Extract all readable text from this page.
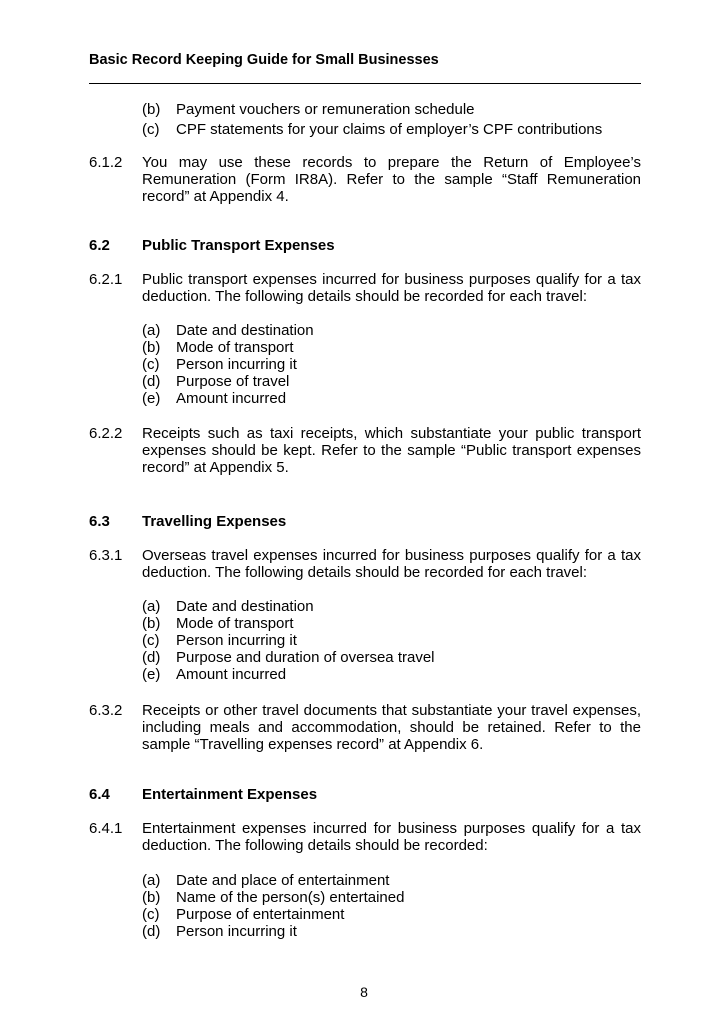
Basic Record Keeping Guide for Small Businesses
(b) Payment vouchers or remuneration schedule
(c) CPF statements for your claims of employer’s CPF contributions
6.1.2 You may use these records to prepare the Return of Employee’s Remuneration (Form IR8A). Refer to the sample “Staff Remuneration record” at Appendix 4.
6.2 Public Transport Expenses
6.2.1 Public transport expenses incurred for business purposes qualify for a tax deduction. The following details should be recorded for each travel:
(a) Date and destination
(b) Mode of transport
(c) Person incurring it
(d) Purpose of travel
(e) Amount incurred
6.2.2 Receipts such as taxi receipts, which substantiate your public transport expenses should be kept. Refer to the sample “Public transport expenses record” at Appendix 5.
6.3 Travelling Expenses
6.3.1 Overseas travel expenses incurred for business purposes qualify for a tax deduction. The following details should be recorded for each travel:
(a) Date and destination
(b) Mode of transport
(c) Person incurring it
(d) Purpose and duration of oversea travel
(e) Amount incurred
6.3.2 Receipts or other travel documents that substantiate your travel expenses, including meals and accommodation, should be retained. Refer to the sample “Travelling expenses record” at Appendix 6.
6.4 Entertainment Expenses
6.4.1 Entertainment expenses incurred for business purposes qualify for a tax deduction. The following details should be recorded:
(a) Date and place of entertainment
(b) Name of the person(s) entertained
(c) Purpose of entertainment
(d) Person incurring it
8
